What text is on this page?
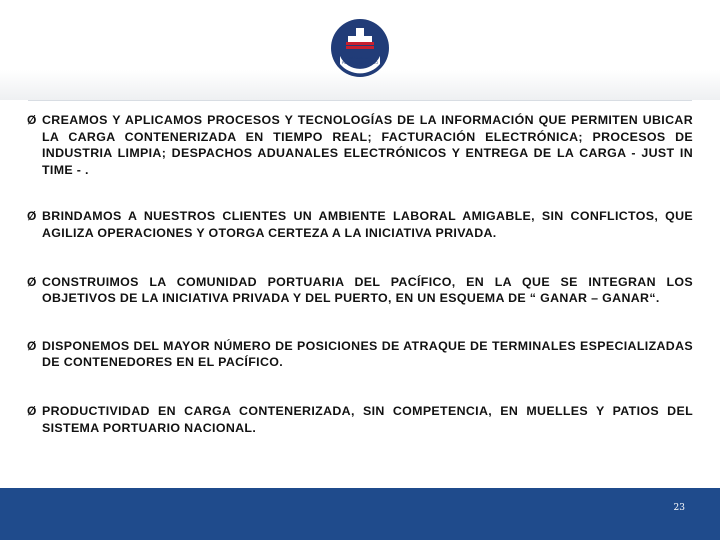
MANZANILLO
PUERTOS DE MÉXICO
Ø CREAMOS Y APLICAMOS PROCESOS Y TECNOLOGÍAS DE LA INFORMACIÓN QUE PERMITEN UBICAR LA CARGA CONTENERIZADA EN TIEMPO REAL; FACTURACIÓN ELECTRÓNICA; PROCESOS DE INDUSTRIA LIMPIA; DESPACHOS ADUANALES ELECTRÓNICOS Y ENTREGA DE LA CARGA - JUST IN TIME - .
Ø BRINDAMOS A NUESTROS CLIENTES UN AMBIENTE LABORAL AMIGABLE, SIN CONFLICTOS, QUE AGILIZA OPERACIONES Y OTORGA CERTEZA A LA INICIATIVA PRIVADA.
Ø CONSTRUIMOS LA COMUNIDAD PORTUARIA DEL PACÍFICO, EN LA QUE SE INTEGRAN LOS OBJETIVOS DE LA INICIATIVA PRIVADA Y DEL PUERTO, EN UN ESQUEMA DE “ GANAR – GANAR“.
Ø DISPONEMOS DEL MAYOR NÚMERO DE POSICIONES DE ATRAQUE DE TERMINALES ESPECIALIZADAS DE CONTENEDORES EN EL PACÍFICO.
Ø PRODUCTIVIDAD EN CARGA CONTENERIZADA, SIN COMPETENCIA, EN MUELLES Y PATIOS DEL SISTEMA PORTUARIO NACIONAL.
23
